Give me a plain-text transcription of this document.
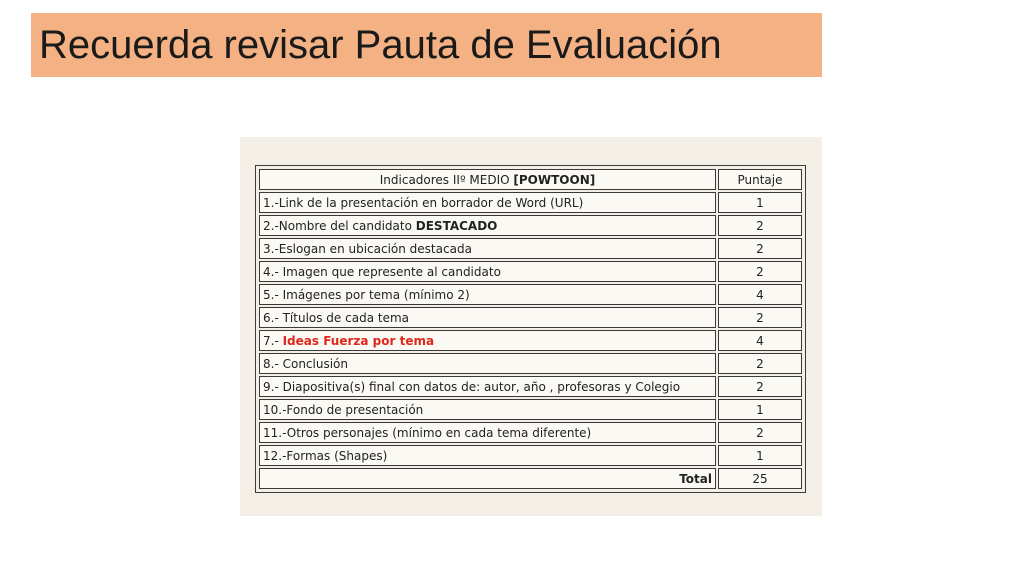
Recuerda revisar Pauta de Evaluación
Indicadores IIº MEDIO [POWTOON]	Puntaje
1.-Link de la presentación en borrador de Word (URL)	1
2.-Nombre del candidato DESTACADO	2
3.-Eslogan en ubicación destacada	2
4.- Imagen que represente al candidato	2
5.- Imágenes por tema (mínimo 2)	4
6.- Títulos de cada tema	2
7.- Ideas Fuerza por tema	4
8.- Conclusión	2
9.- Diapositiva(s) final con datos de: autor, año , profesoras y Colegio	2
10.-Fondo de presentación	1
11.-Otros personajes (mínimo en cada tema diferente)	2
12.-Formas (Shapes)	1
Total	25
